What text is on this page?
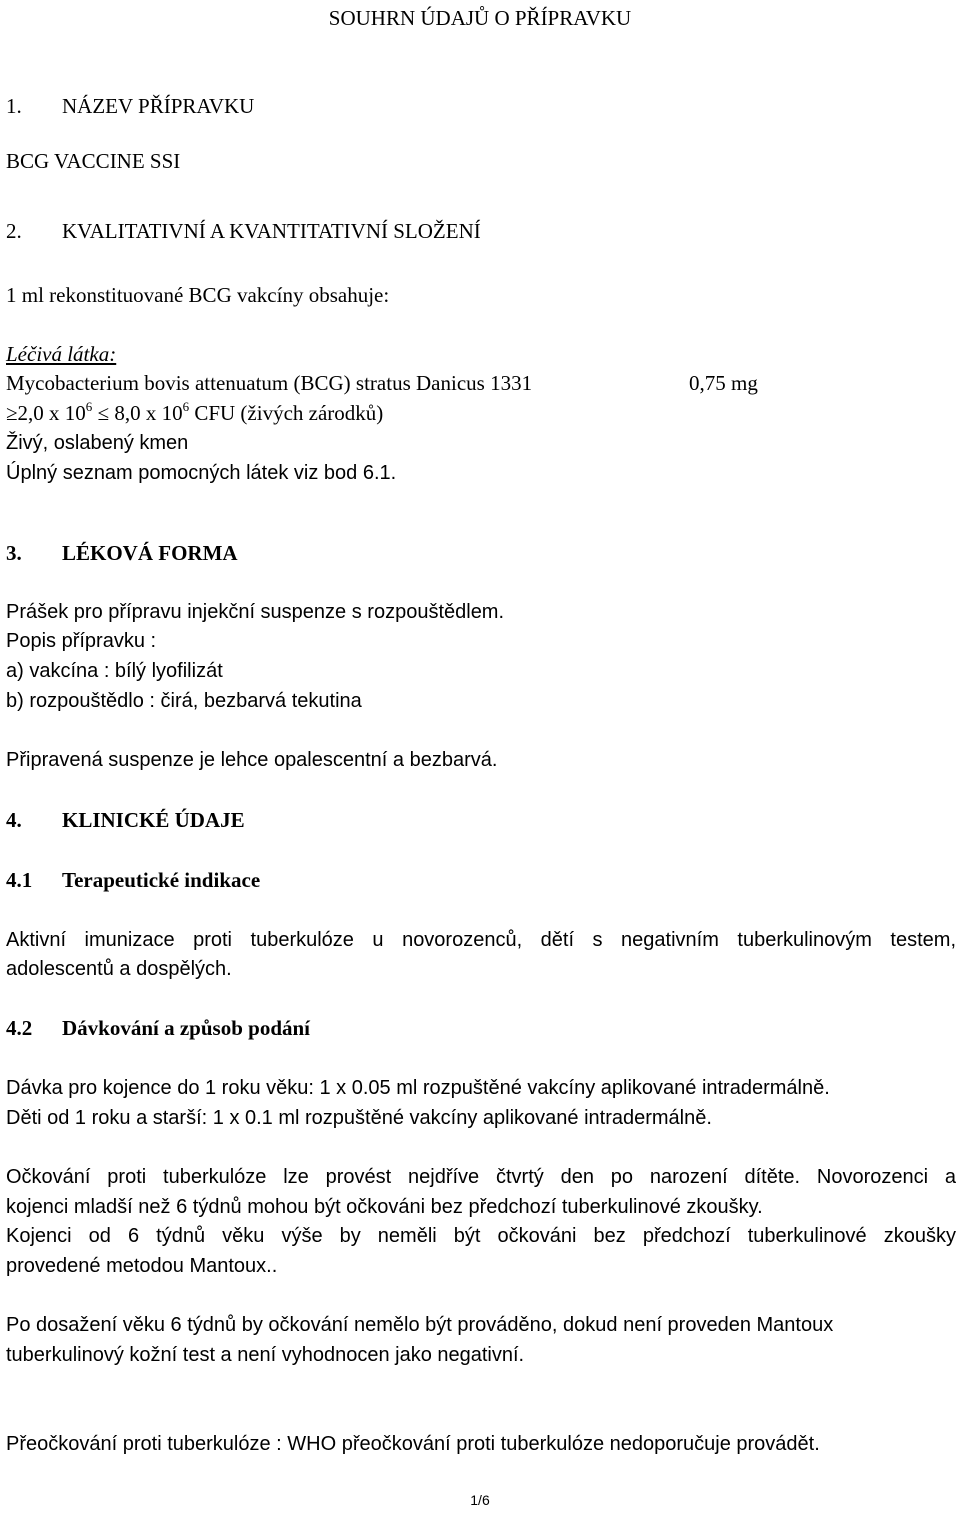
SOUHRN ÚDAJŮ O PŘÍPRAVKU
1. NÁZEV PŘÍPRAVKU
BCG VACCINE SSI
2. KVALITATIVNÍ A KVANTITATIVNÍ SLOŽENÍ
1 ml rekonstituované BCG vakcíny obsahuje:
Léčivá látka:
Mycobacterium bovis attenuatum (BCG) stratus Danicus 1331	0,75 mg
≥2,0 x $10^6 \le 8,0$ x $10^6$ CFU (živých zárodků)
Živý, oslabený kmen
Úplný seznam pomocných látek viz bod 6.1.
3. LÉKOVÁ FORMA
Prášek pro přípravu injekční suspenze s rozpouštědlem.
Popis přípravku :
a) vakcína : bílý lyofilizát
b) rozpouštědlo : čirá, bezbarvá tekutina
Připravená suspenze je lehce opalescentní a bezbarvá.
4. KLINICKÉ ÚDAJE
4.1 Terapeutické indikace
Aktivní imunizace proti tuberkulóze u novorozenců, dětí s negativním tuberkulinovým testem,
adolescentů a dospělých.
4.2 Dávkování a způsob podání
Dávka pro kojence do 1 roku věku: 1 x 0.05 ml rozpuštěné vakcíny aplikované intradermálně.
Děti od 1 roku a starší: 1 x 0.1 ml rozpuštěné vakcíny aplikované intradermálně.
Očkování proti tuberkulóze lze provést nejdříve čtvrtý den po narození dítěte. Novorozenci a
kojenci mladší než 6 týdnů mohou být očkováni bez předchozí tuberkulinové zkoušky.
Kojenci od 6 týdnů věku výše by neměli být očkováni bez předchozí tuberkulinové zkoušky
provedené metodou Mantoux..
Po dosažení věku 6 týdnů by očkování nemělo být prováděno, dokud není proveden Mantoux
tuberkulinový kožní test a není vyhodnocen jako negativní.
Přeočkování proti tuberkulóze : WHO přeočkování proti tuberkulóze nedoporučuje provádět.
1/6
